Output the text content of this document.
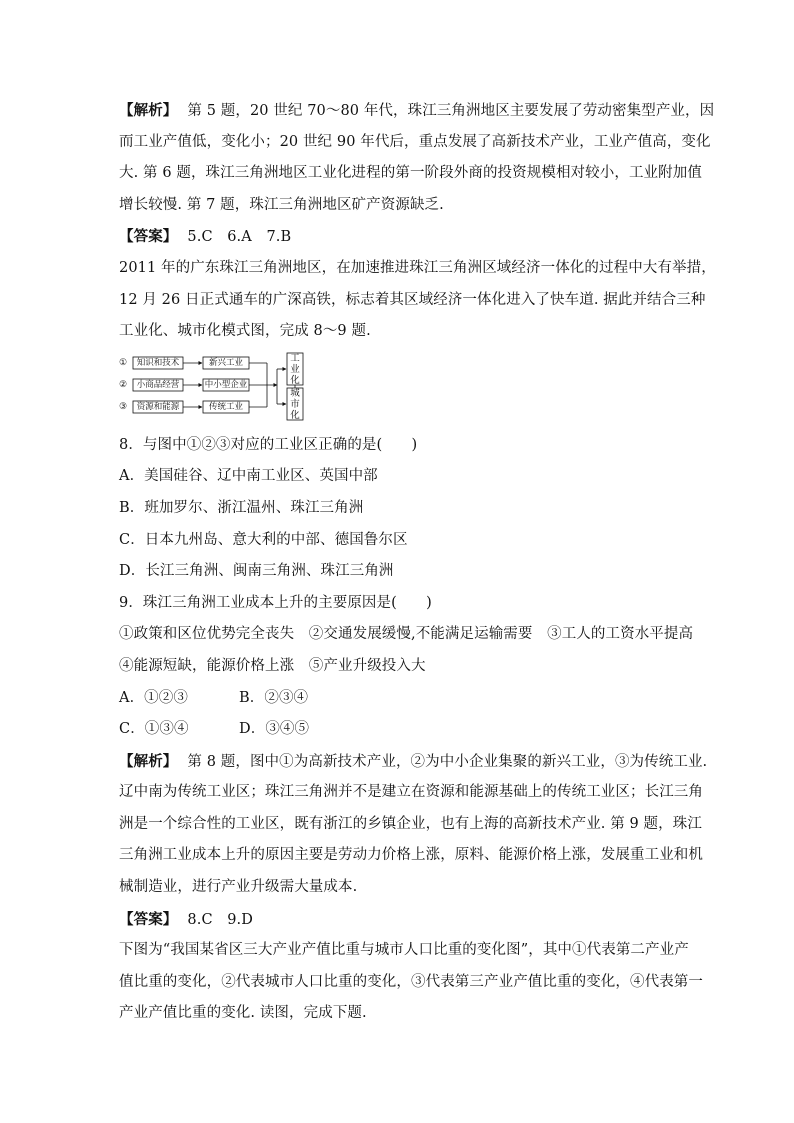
【解析】 第 5 题，20 世纪 70～80 年代，珠江三角洲地区主要发展了劳动密集型产业，因
而工业产值低，变化小；20 世纪 90 年代后，重点发展了高新技术产业，工业产值高，变化
大. 第 6 题，珠江三角洲地区工业化进程的第一阶段外商的投资规模相对较小，工业附加值
增长较慢. 第 7 题，珠江三角洲地区矿产资源缺乏.
【答案】 5.C　6.A　7.B
2011 年的广东珠江三角洲地区，在加速推进珠江三角洲区域经济一体化的过程中大有举措，
12 月 26 日正式通车的广深高铁，标志着其区域经济一体化进入了快车道. 据此并结合三种
工业化、城市化模式图，完成 8～9 题.
①
②
③
知识和技术
小商品经营
资源和能源
新兴工业
中小型企业
传统工业
工业化
城市化
8．与图中①②③对应的工业区正确的是(　　)
A．美国硅谷、辽中南工业区、英国中部
B．班加罗尔、浙江温州、珠江三角洲
C．日本九州岛、意大利的中部、德国鲁尔区
D．长江三角洲、闽南三角洲、珠江三角洲
9．珠江三角洲工业成本上升的主要原因是(　　)
①政策和区位优势完全丧失　②交通发展缓慢,不能满足运输需要　③工人的工资水平提高
④能源短缺，能源价格上涨　⑤产业升级投入大
A．①②③	B．②③④
C．①③④	D．③④⑤
【解析】 第 8 题，图中①为高新技术产业，②为中小企业集聚的新兴工业，③为传统工业.
辽中南为传统工业区；珠江三角洲并不是建立在资源和能源基础上的传统工业区；长江三角
洲是一个综合性的工业区，既有浙江的乡镇企业，也有上海的高新技术产业. 第 9 题，珠江
三角洲工业成本上升的原因主要是劳动力价格上涨，原料、能源价格上涨，发展重工业和机
械制造业，进行产业升级需大量成本.
【答案】 8.C　9.D
下图为“我国某省区三大产业产值比重与城市人口比重的变化图”，其中①代表第二产业产
值比重的变化，②代表城市人口比重的变化，③代表第三产业产值比重的变化，④代表第一
产业产值比重的变化. 读图，完成下题.
